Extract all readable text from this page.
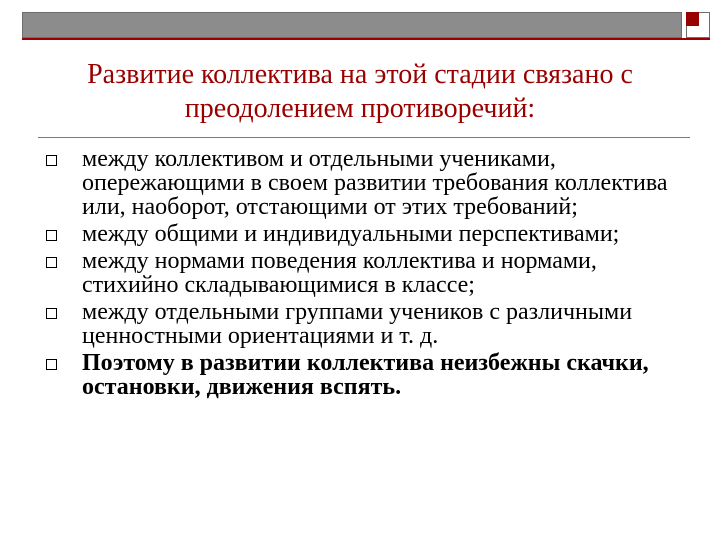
Развитие коллектива на этой стадии связано с преодолением противоречий:
между коллективом и отдельными учениками, опережающими в своем развитии требования коллектива или, наоборот, отстающими от этих требований;
между общими и индивидуальными перспективами;
между нормами поведения коллектива и нормами, стихийно складывающимися в классе;
между отдельными группами учеников с различными ценностными ориентациями и т. д.
Поэтому в развитии коллектива неизбежны скачки, остановки, движения вспять.
